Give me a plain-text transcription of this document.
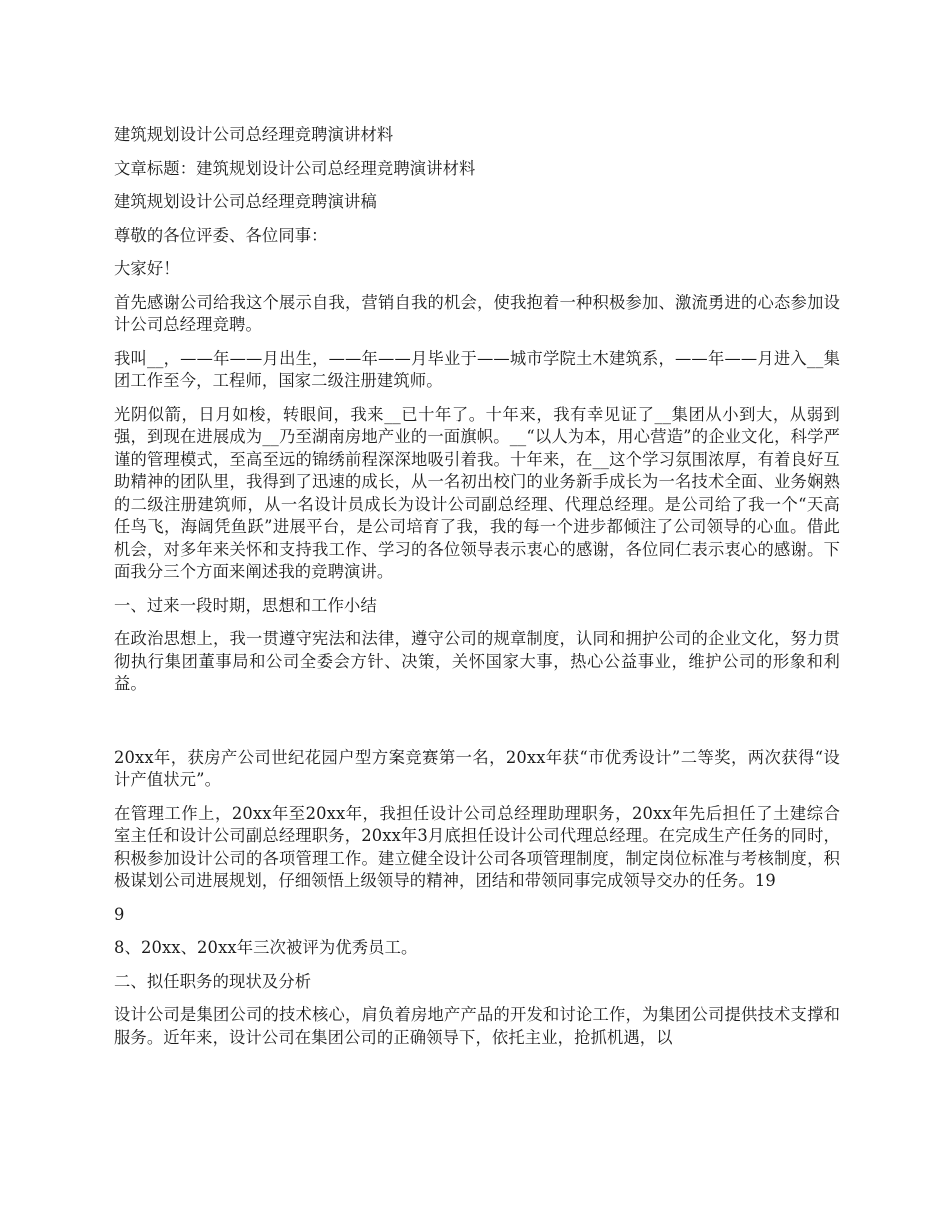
建筑规划设计公司总经理竞聘演讲材料

文章标题：建筑规划设计公司总经理竞聘演讲材料

建筑规划设计公司总经理竞聘演讲稿

尊敬的各位评委、各位同事：

大家好！

首先感谢公司给我这个展示自我，营销自我的机会，使我抱着一种积极参加、激流勇进的心态参加设计公司总经理竞聘。

我叫__，——年——月出生，——年——月毕业于——城市学院土木建筑系，——年——月进入__集团工作至今，工程师，国家二级注册建筑师。

光阴似箭，日月如梭，转眼间，我来__已十年了。十年来，我有幸见证了__集团从小到大，从弱到强，到现在进展成为__乃至湖南房地产业的一面旗帜。__“以人为本，用心营造”的企业文化，科学严谨的管理模式，至高至远的锦绣前程深深地吸引着我。十年来，在__这个学习氛围浓厚，有着良好互助精神的团队里，我得到了迅速的成长，从一名初出校门的业务新手成长为一名技术全面、业务娴熟的二级注册建筑师，从一名设计员成长为设计公司副总经理、代理总经理。是公司给了我一个“天高任鸟飞，海阔凭鱼跃”进展平台，是公司培育了我，我的每一个进步都倾注了公司领导的心血。借此机会，对多年来关怀和支持我工作、学习的各位领导表示衷心的感谢，各位同仁表示衷心的感谢。下面我分三个方面来阐述我的竞聘演讲。

一、过来一段时期，思想和工作小结

在政治思想上，我一贯遵守宪法和法律，遵守公司的规章制度，认同和拥护公司的企业文化，努力贯彻执行集团董事局和公司全委会方针、决策，关怀国家大事，热心公益事业，维护公司的形象和利益。

20xx年，获房产公司世纪花园户型方案竞赛第一名，20xx年获“市优秀设计”二等奖，两次获得“设计产值状元”。

在管理工作上，20xx年至20xx年，我担任设计公司总经理助理职务，20xx年先后担任了土建综合室主任和设计公司副总经理职务，20xx年3月底担任设计公司代理总经理。在完成生产任务的同时，积极参加设计公司的各项管理工作。建立健全设计公司各项管理制度，制定岗位标准与考核制度，积极谋划公司进展规划，仔细领悟上级领导的精神，团结和带领同事完成领导交办的任务。19

9

8、20xx、20xx年三次被评为优秀员工。

二、拟任职务的现状及分析

设计公司是集团公司的技术核心，肩负着房地产产品的开发和讨论工作，为集团公司提供技术支撑和服务。近年来，设计公司在集团公司的正确领导下，依托主业，抢抓机遇，以
